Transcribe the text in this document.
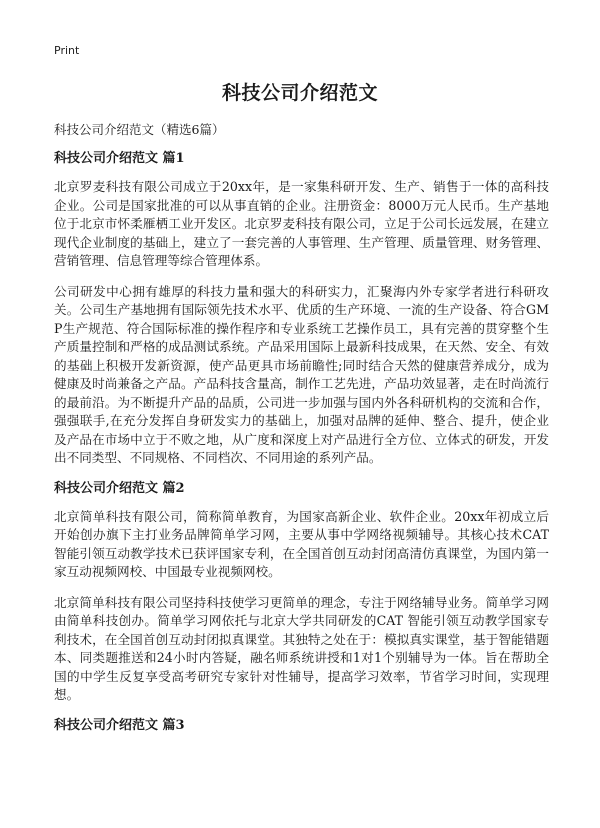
Print
科技公司介绍范文
科技公司介绍范文（精选6篇）
科技公司介绍范文 篇1

北京罗麦科技有限公司成立于20xx年，是一家集科研开发、生产、销售于一体的高科技企业。公司是国家批准的可以从事直销的企业。注册资金：8000万元人民币。生产基地位于北京市怀柔雁栖工业开发区。北京罗麦科技有限公司，立足于公司长远发展，在建立现代企业制度的基础上，建立了一套完善的人事管理、生产管理、质量管理、财务管理、营销管理、信息管理等综合管理体系。

公司研发中心拥有雄厚的科技力量和强大的科研实力，汇聚海内外专家学者进行科研攻关。公司生产基地拥有国际领先技术水平、优质的生产环境、一流的生产设备、符合GMP生产规范、符合国际标准的操作程序和专业系统工艺操作员工，具有完善的贯穿整个生产质量控制和严格的成品测试系统。产品采用国际上最新科技成果，在天然、安全、有效的基础上积极开发新资源，使产品更具市场前瞻性;同时结合天然的健康营养成分，成为健康及时尚兼备之产品。产品科技含量高，制作工艺先进，产品功效显著，走在时尚流行的最前沿。为不断提升产品的品质，公司进一步加强与国内外各科研机构的交流和合作，强强联手,在充分发挥自身研发实力的基础上，加强对品牌的延伸、整合、提升，使企业及产品在市场中立于不败之地，从广度和深度上对产品进行全方位、立体式的研发，开发出不同类型、不同规格、不同档次、不同用途的系列产品。

科技公司介绍范文 篇2

北京简单科技有限公司，简称简单教育，为国家高新企业、软件企业。20xx年初成立后开始创办旗下主打业务品牌简单学习网，主要从事中学网络视频辅导。其核心技术CAT 智能引领互动教学技术已获评国家专利，在全国首创互动封闭高清仿真课堂，为国内第一家互动视频网校、中国最专业视频网校。

北京简单科技有限公司坚持科技使学习更简单的理念，专注于网络辅导业务。简单学习网由简单科技创办。简单学习网依托与北京大学共同研发的CAT 智能引领互动教学国家专利技术，在全国首创互动封闭拟真课堂。其独特之处在于：模拟真实课堂，基于智能错题本、同类题推送和24小时内答疑，融名师系统讲授和1对1个别辅导为一体。旨在帮助全国的中学生反复享受高考研究专家针对性辅导，提高学习效率，节省学习时间，实现理想。

科技公司介绍范文 篇3
